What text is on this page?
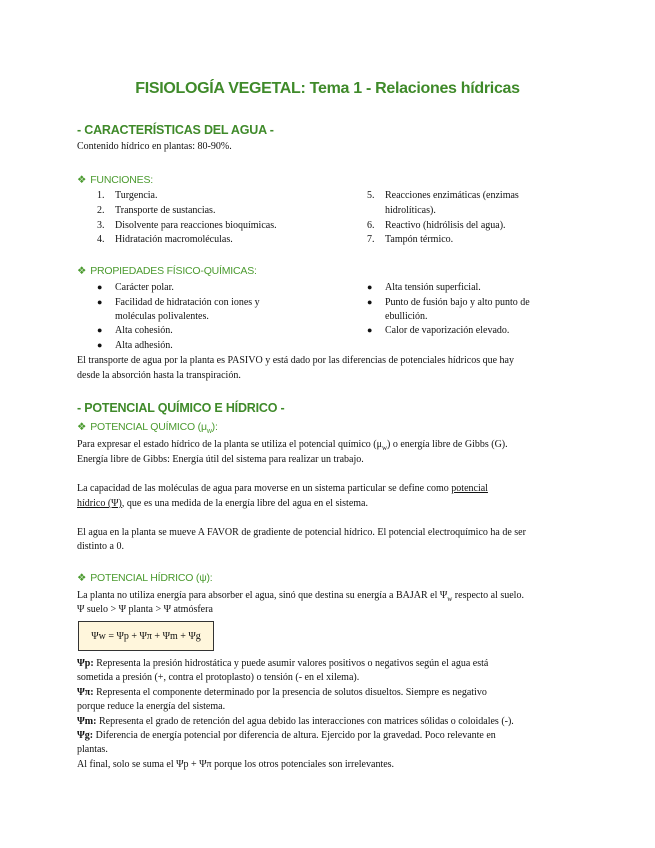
FISIOLOGÍA VEGETAL: Tema 1 - Relaciones hídricas
- CARACTERÍSTICAS DEL AGUA -
Contenido hídrico en plantas: 80-90%.
❖ FUNCIONES:
1. Turgencia.
2. Transporte de sustancias.
3. Disolvente para reacciones bioquímicas.
4. Hidratación macromoléculas.
5. Reacciones enzimáticas (enzimas
hidrolíticas).
6. Reactivo (hidrólisis del agua).
7. Tampón térmico.
❖ PROPIEDADES FÍSICO-QUÍMICAS:
● Carácter polar.
● Facilidad de hidratación con iones y
moléculas polivalentes.
● Alta cohesión.
● Alta adhesión.
● Alta tensión superficial.
● Punto de fusión bajo y alto punto de
ebullición.
● Calor de vaporización elevado.
El transporte de agua por la planta es PASIVO y está dado por las diferencias de potenciales hídricos que hay
desde la absorción hasta la transpiración.
- POTENCIAL QUÍMICO E HÍDRICO -
❖ POTENCIAL QUÍMICO $(\mu_w)$:
Para expresar el estado hídrico de la planta se utiliza el potencial químico $(\mu_w)$ o energía libre de Gibbs (G).
Energía libre de Gibbs: Energía útil del sistema para realizar un trabajo.
La capacidad de las moléculas de agua para moverse en un sistema particular se define como potencial
hídrico (Ψ), que es una medida de la energía libre del agua en el sistema.
El agua en la planta se mueve A FAVOR de gradiente de potencial hídrico. El potencial electroquímico ha de ser
distinto a 0.
❖ POTENCIAL HÍDRICO (ψ):
La planta no utiliza energía para absorber el agua, sinó que destina su energía a BAJAR el $\Psi_w$ respecto al suelo.
Ψ suelo > Ψ planta > Ψ atmósfera
Ψw = Ψp + Ψπ + Ψm + Ψg
Ψp: Representa la presión hidrostática y puede asumir valores positivos o negativos según el agua está
sometida a presión (+, contra el protoplasto) o tensión (- en el xilema).
Ψπ: Representa el componente determinado por la presencia de solutos disueltos. Siempre es negativo
porque reduce la energía del sistema.
Ψm: Representa el grado de retención del agua debido las interacciones con matrices sólidas o coloidales (-).
Ψg: Diferencia de energía potencial por diferencia de altura. Ejercido por la gravedad. Poco relevante en
plantas.
Al final, solo se suma el Ψp + Ψπ porque los otros potenciales son irrelevantes.
